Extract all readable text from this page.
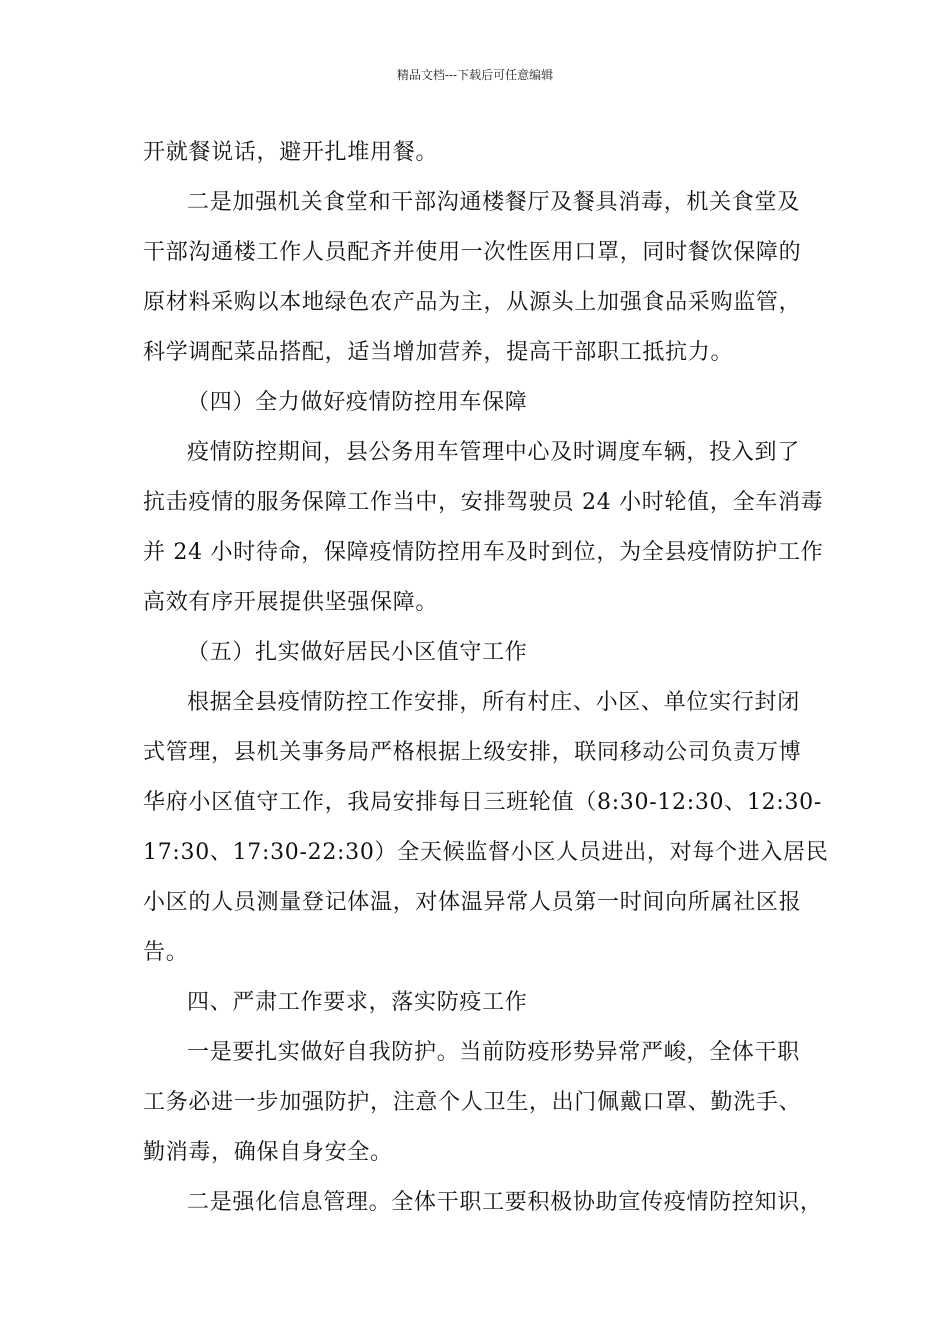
精品文档---下载后可任意编辑

开就餐说话，避开扎堆用餐。
二是加强机关食堂和干部沟通楼餐厅及餐具消毒，机关食堂及
干部沟通楼工作人员配齐并使用一次性医用口罩，同时餐饮保障的
原材料采购以本地绿色农产品为主，从源头上加强食品采购监管，
科学调配菜品搭配，适当增加营养，提高干部职工抵抗力。
（四）全力做好疫情防控用车保障
疫情防控期间，县公务用车管理中心及时调度车辆，投入到了
抗击疫情的服务保障工作当中，安排驾驶员 24 小时轮值，全车消毒
并 24 小时待命，保障疫情防控用车及时到位，为全县疫情防护工作
高效有序开展提供坚强保障。
（五）扎实做好居民小区值守工作
根据全县疫情防控工作安排，所有村庄、小区、单位实行封闭
式管理，县机关事务局严格根据上级安排，联同移动公司负责万博
华府小区值守工作，我局安排每日三班轮值（8:30-12:30、12:30-
17:30、17:30-22:30）全天候监督小区人员进出，对每个进入居民
小区的人员测量登记体温，对体温异常人员第一时间向所属社区报
告。
四、严肃工作要求，落实防疫工作
一是要扎实做好自我防护。当前防疫形势异常严峻，全体干职
工务必进一步加强防护，注意个人卫生，出门佩戴口罩、勤洗手、
勤消毒，确保自身安全。
二是强化信息管理。全体干职工要积极协助宣传疫情防控知识，
